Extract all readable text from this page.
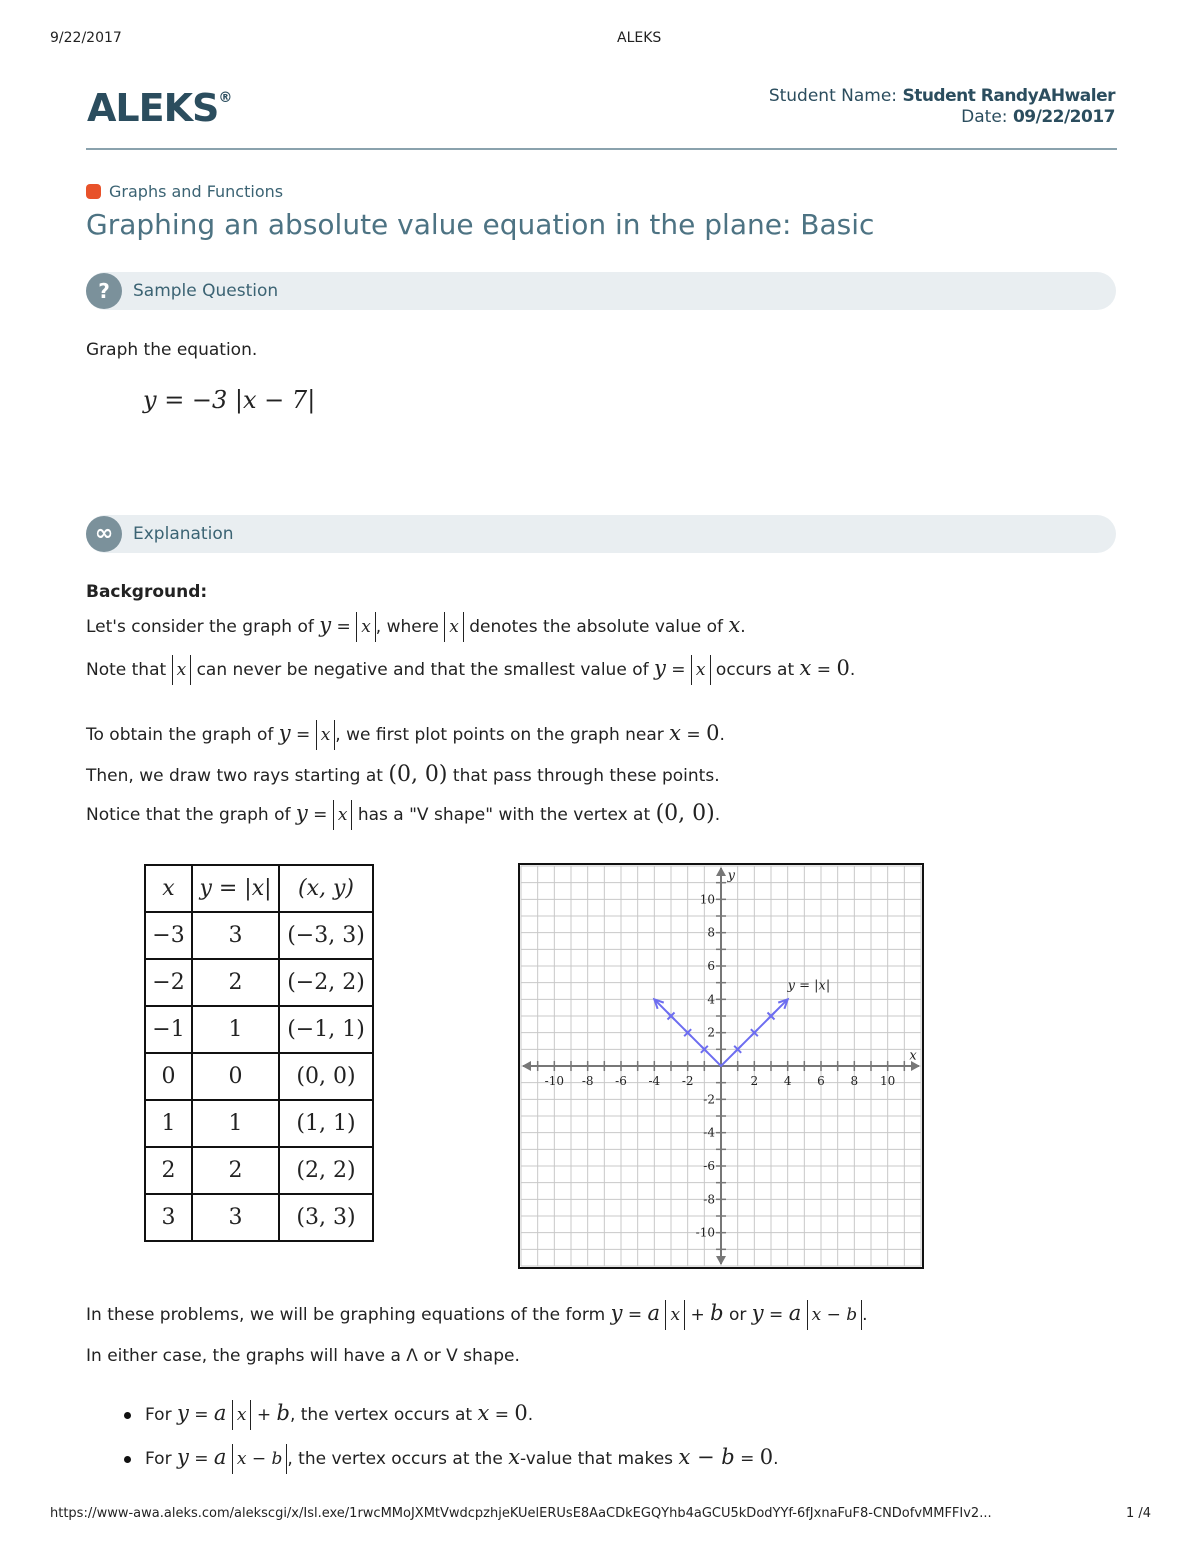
9/22/2017	ALEKS
ALEKS®	Student Name: Student RandyAHwaler
Date: 09/22/2017
Graphs and Functions
Graphing an absolute value equation in the plane: Basic
?	Sample Question
Graph the equation.
y = −3 |x − 7|
∞	Explanation
Background:
Let's consider the graph of y = x , where x denotes the absolute value of x.
Note that x can never be negative and that the smallest value of y = x occurs at x = 0.
To obtain the graph of y = x , we first plot points on the graph near x = 0.
Then, we draw two rays starting at (0, 0) that pass through these points.
Notice that the graph of y = x has a "V shape" with the vertex at (0, 0).
x	y = |x|	(x, y)
−3	3	(−3, 3)
−2	2	(−2, 2)
−1	1	(−1, 1)
0	0	(0, 0)
1	1	(1, 1)
2	2	(2, 2)
3	3	(3, 3)
-10 -8 -6 -4 -2	2 4 6 8 10
-10
-8
-6
-4
-2
2
4
6
8
10
x
y
y = |x|
In these problems, we will be graphing equations of the form y = a x + b or y = a x − b .
In either case, the graphs will have a Λ or V shape.
For y = a x + b, the vertex occurs at x = 0.
For y = a x − b , the vertex occurs at the x-value that makes x − b = 0.
https://www-awa.aleks.com/alekscgi/x/Isl.exe/1rwcMMoJXMtVwdcpzhjeKUelERUsE8AaCDkEGQYhb4aGCU5kDodYYf-6fJxnaFuF8-CNDofvMMFFIv2...	1 /4
